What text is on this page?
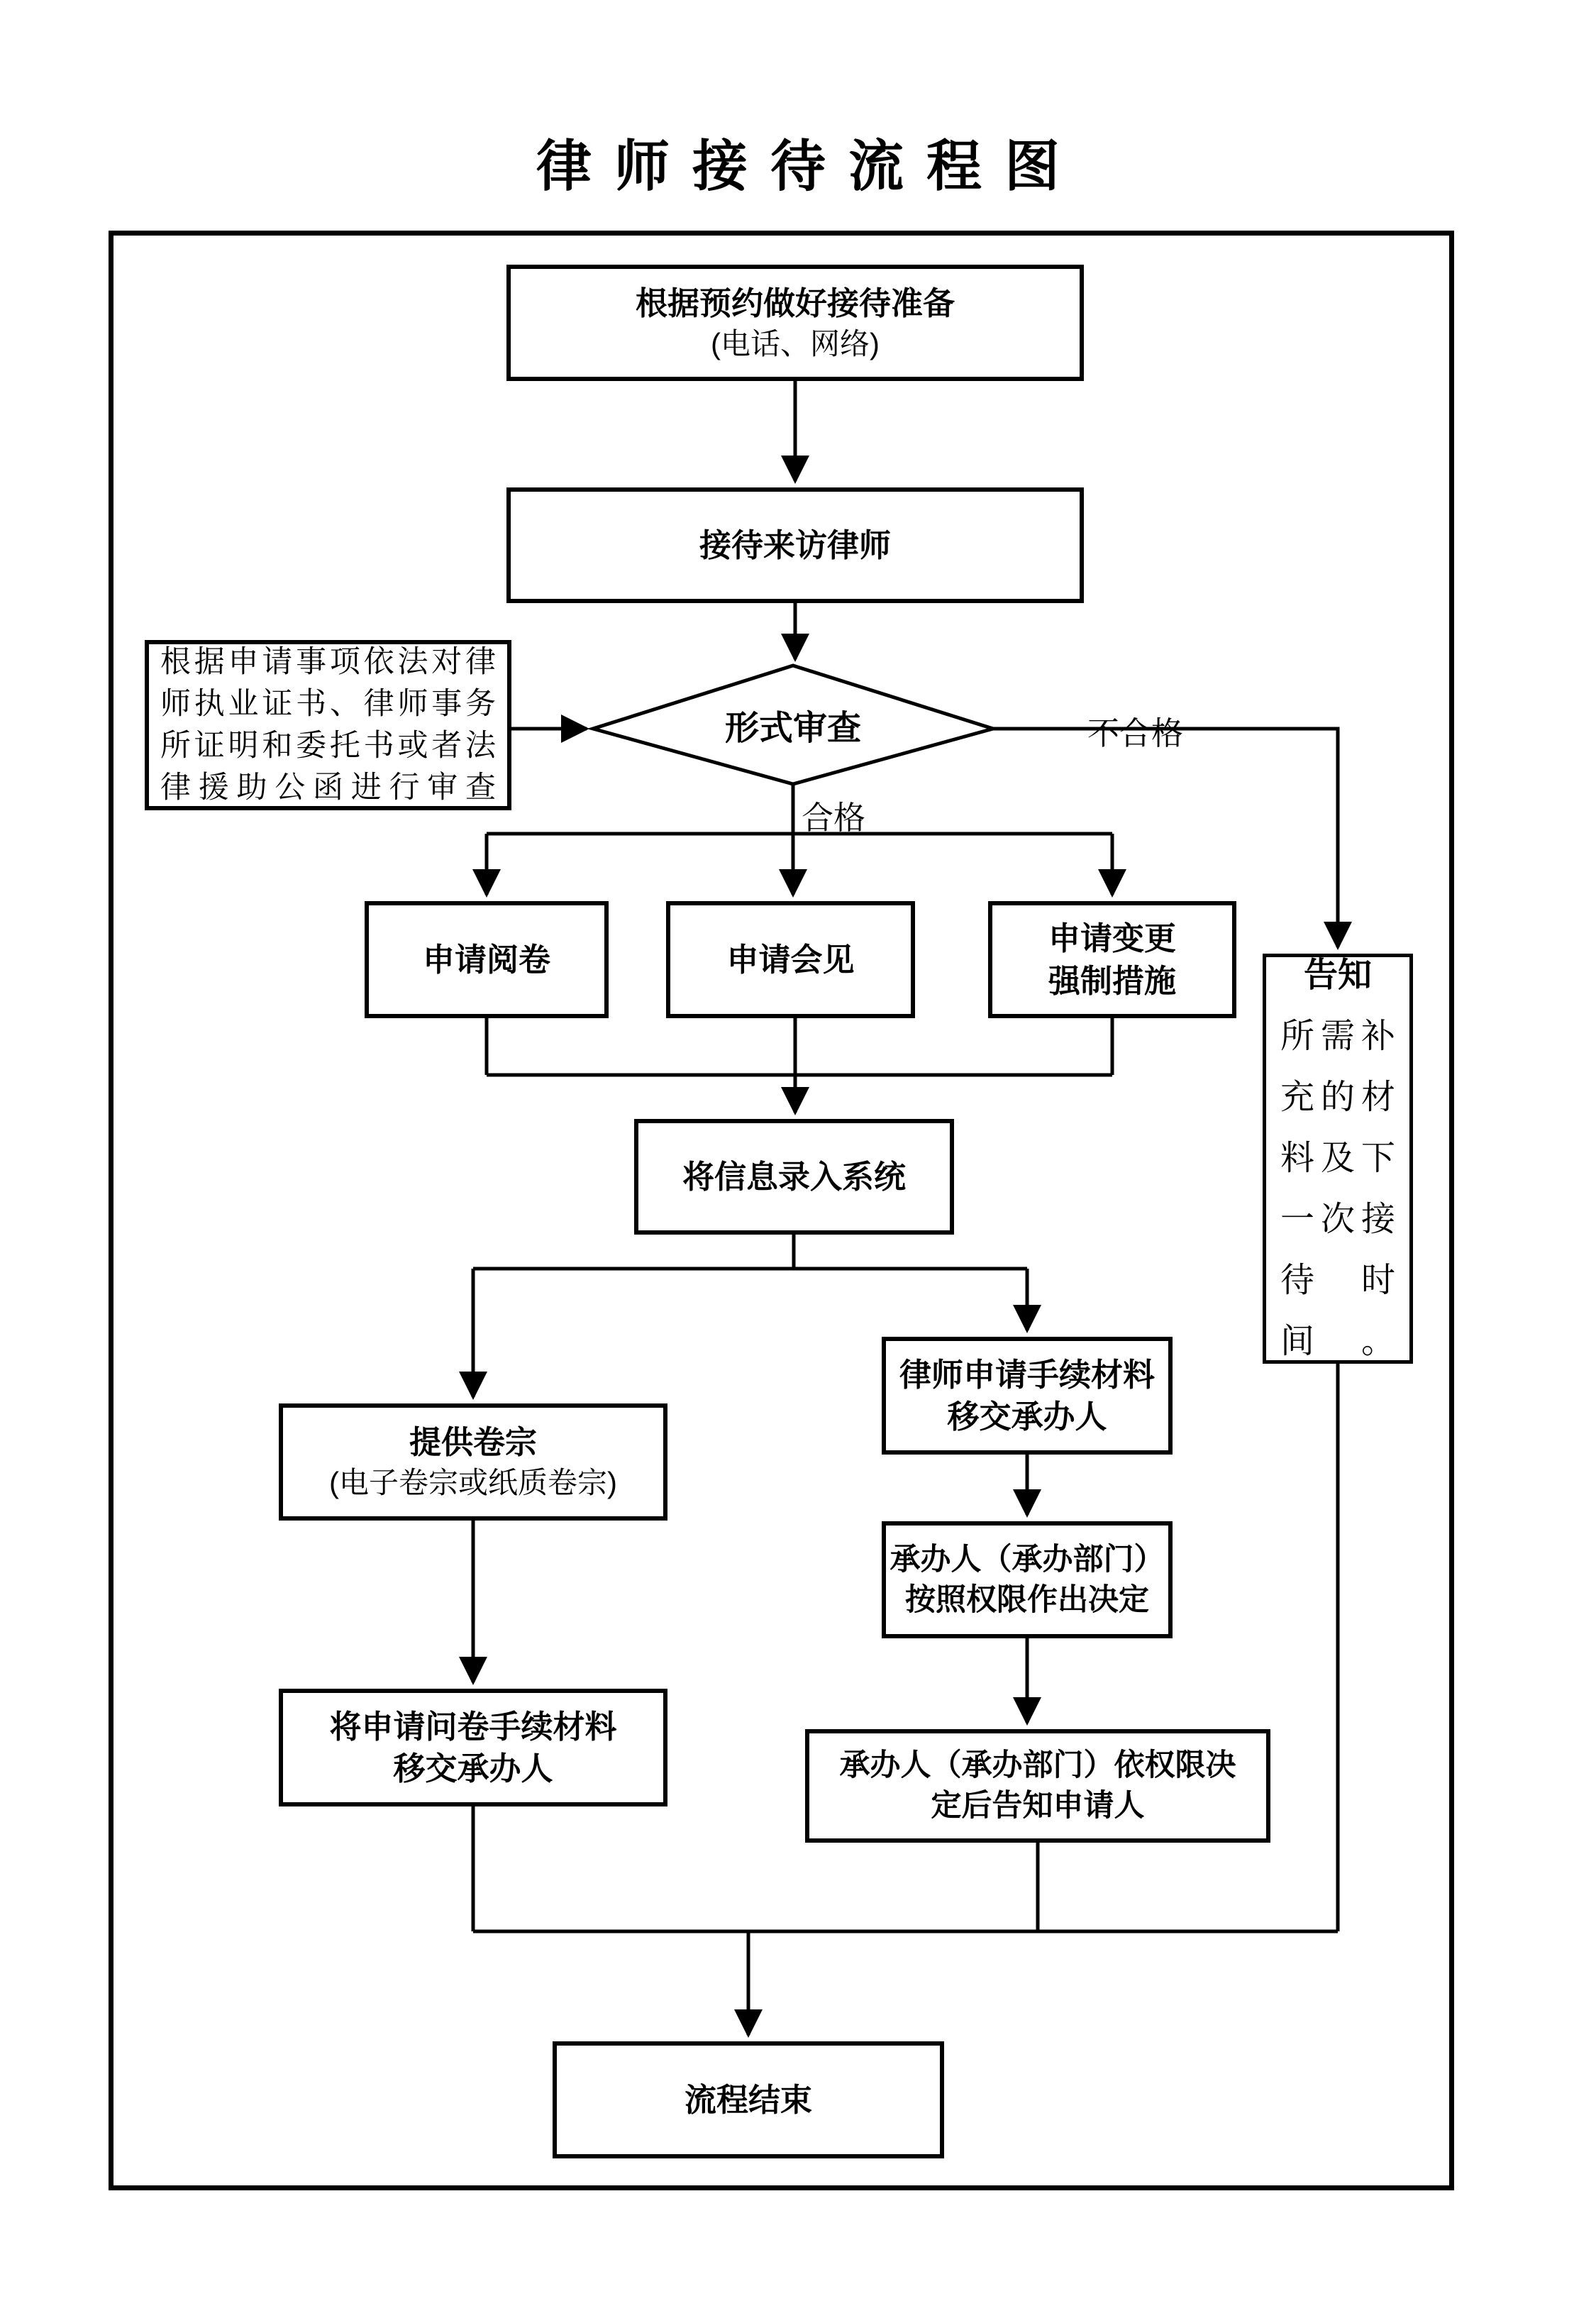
律师接待流程图
根据预约做好接待准备
(电话、网络)
接待来访律师
根据申请事项依法对律
师执业证书、律师事务
所证明和委托书或者法
律援助公函进行审查
形式审查
合格
不合格
申请阅卷	申请会见
申请变更
强制措施
将信息录入系统
提供卷宗
(电子卷宗或纸质卷宗)
律师申请手续材料
移交承办人
承办人（承办部门）
按照权限作出决定
将申请问卷手续材料
移交承办人	承办人（承办部门）依权限决
定后告知申请人
告知
所需补
充的材
料及下
一次接
待时间。
流程结束
